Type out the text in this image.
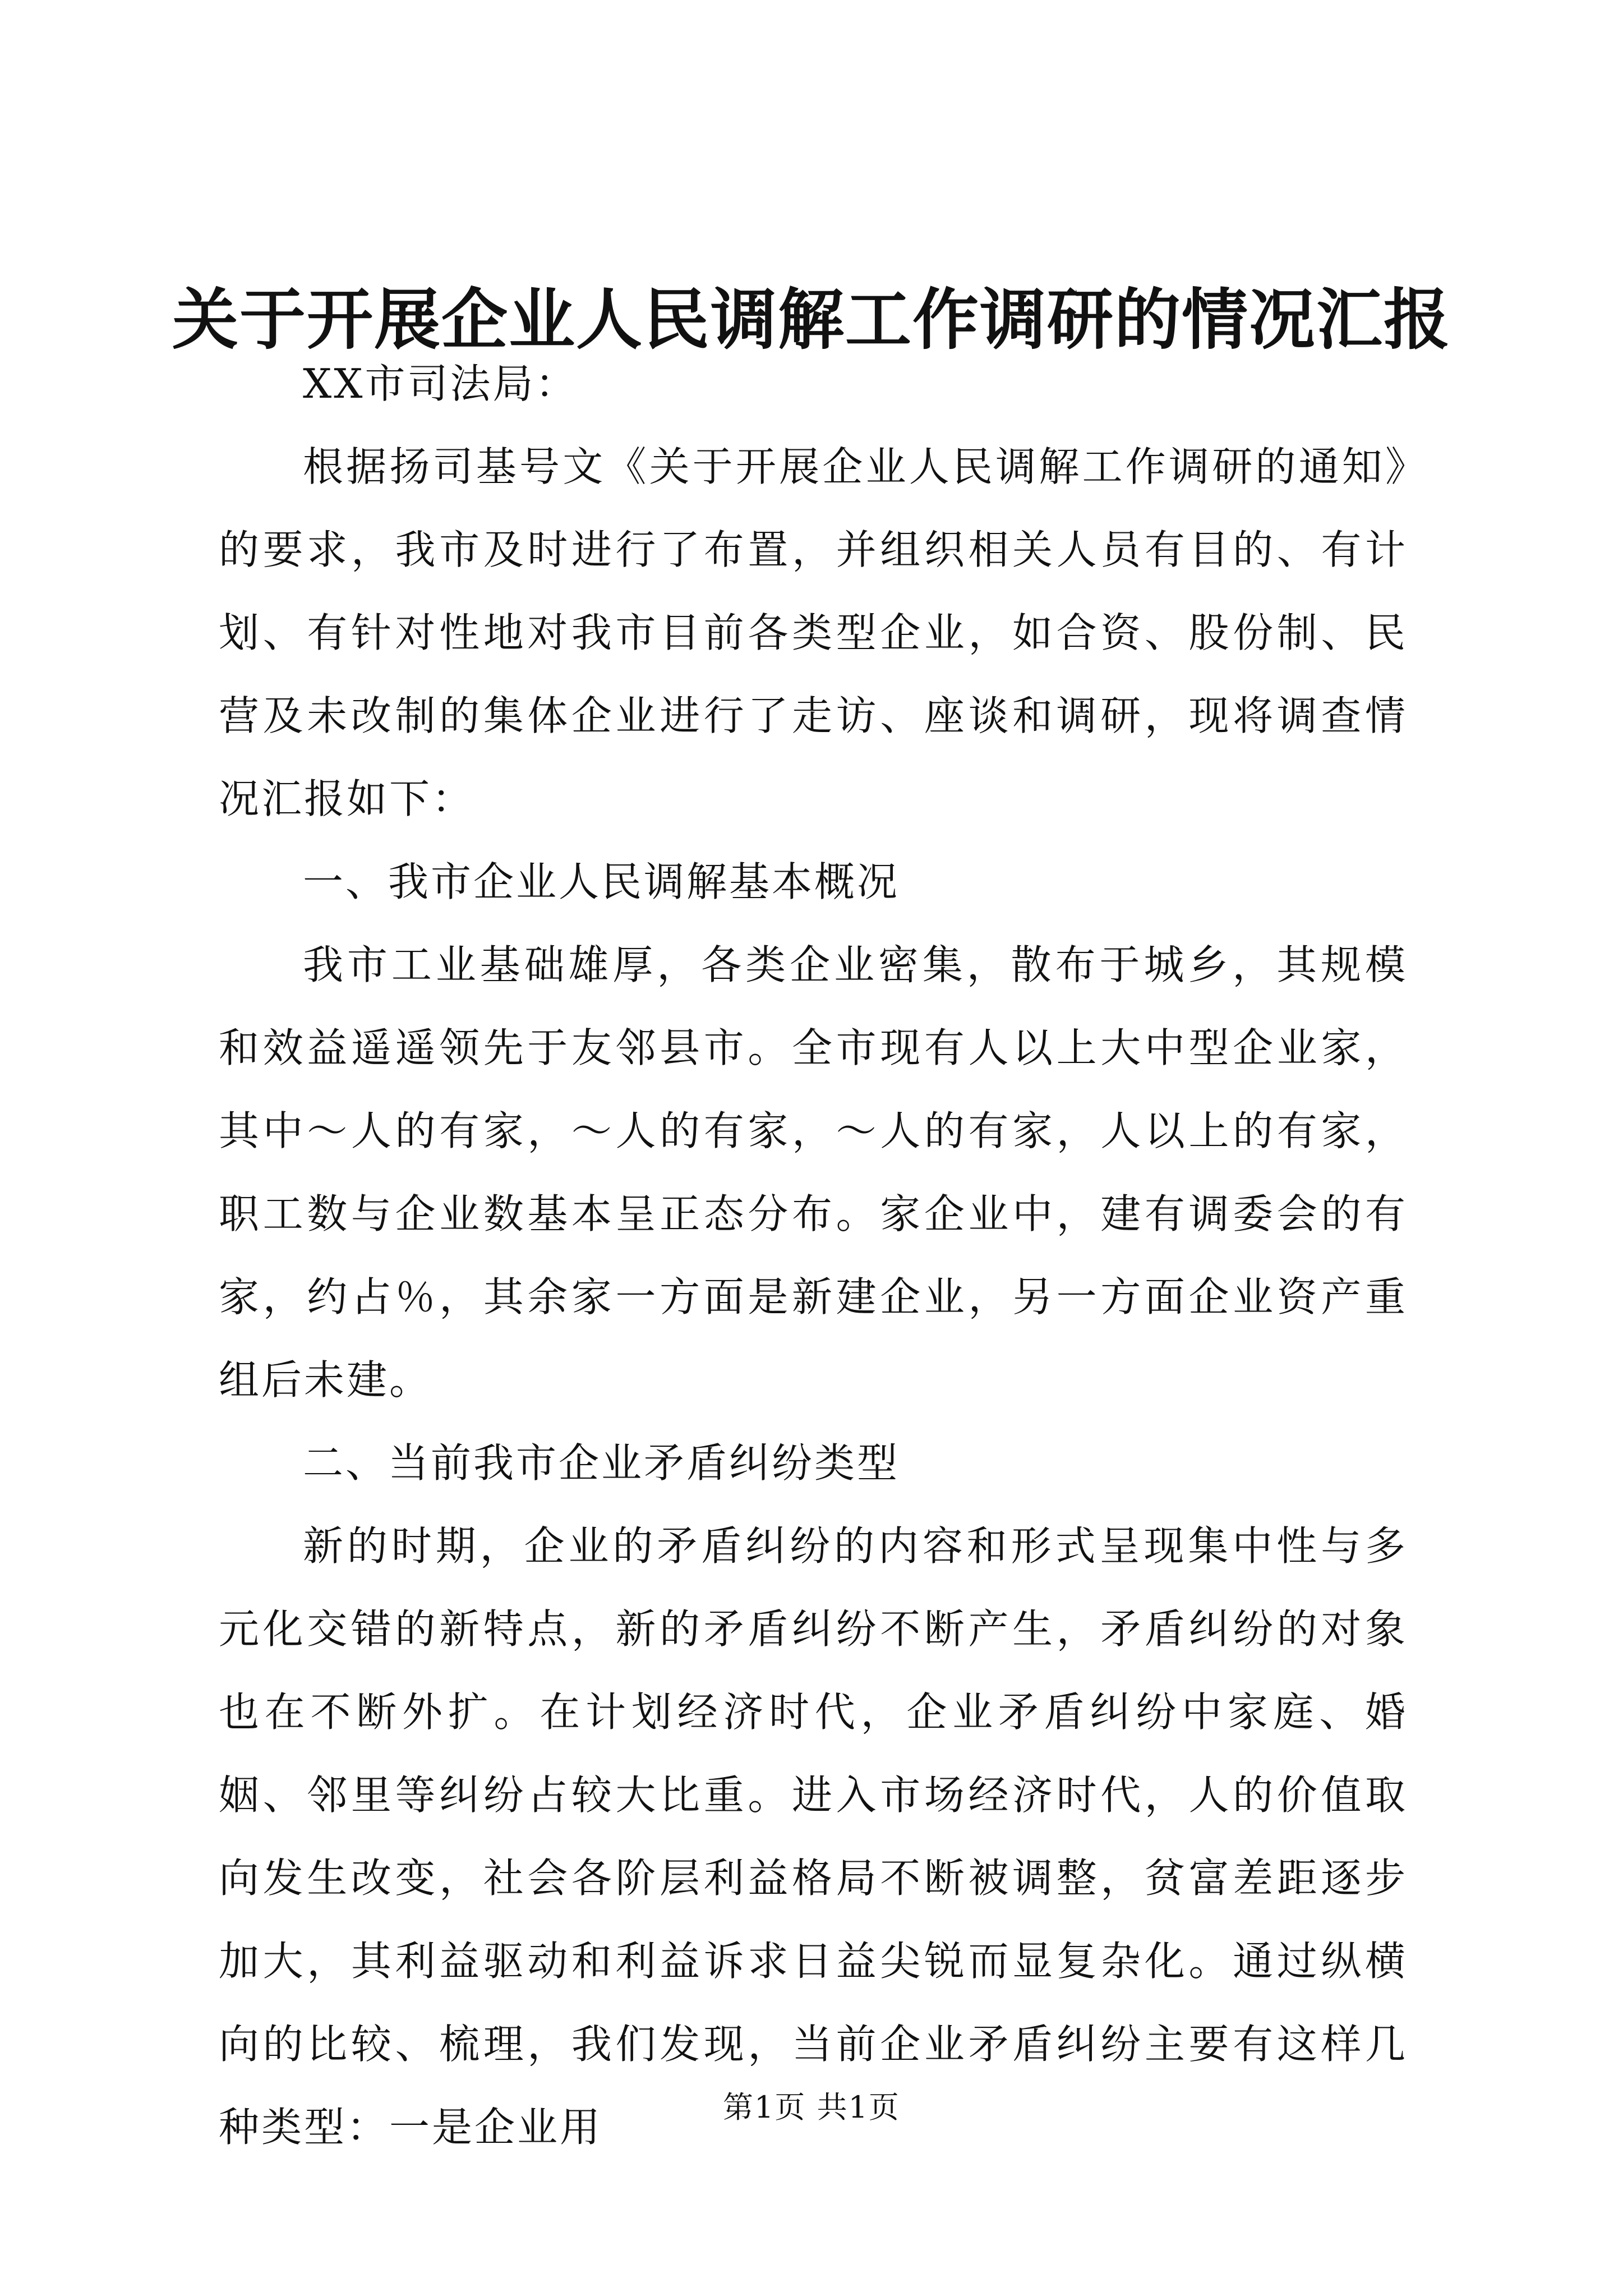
关于开展企业人民调解工作调研的情况汇报

XX市司法局：

根据扬司基号文《关于开展企业人民调解工作调研的通知》的要求，我市及时进行了布置，并组织相关人员有目的、有计划、有针对性地对我市目前各类型企业，如合资、股份制、民营及未改制的集体企业进行了走访、座谈和调研，现将调查情况汇报如下：

一、我市企业人民调解基本概况

我市工业基础雄厚，各类企业密集，散布于城乡，其规模和效益遥遥领先于友邻县市。全市现有人以上大中型企业家，其中～人的有家，～人的有家，～人的有家，人以上的有家，职工数与企业数基本呈正态分布。家企业中，建有调委会的有家，约占％，其余家一方面是新建企业，另一方面企业资产重组后未建。

二、当前我市企业矛盾纠纷类型

新的时期，企业的矛盾纠纷的内容和形式呈现集中性与多元化交错的新特点，新的矛盾纠纷不断产生，矛盾纠纷的对象也在不断外扩。在计划经济时代，企业矛盾纠纷中家庭、婚姻、邻里等纠纷占较大比重。进入市场经济时代，人的价值取向发生改变，社会各阶层利益格局不断被调整，贫富差距逐步加大，其利益驱动和利益诉求日益尖锐而显复杂化。通过纵横向的比较、梳理，我们发现，当前企业矛盾纠纷主要有这样几种类型：一是企业用	第1页 共1页
